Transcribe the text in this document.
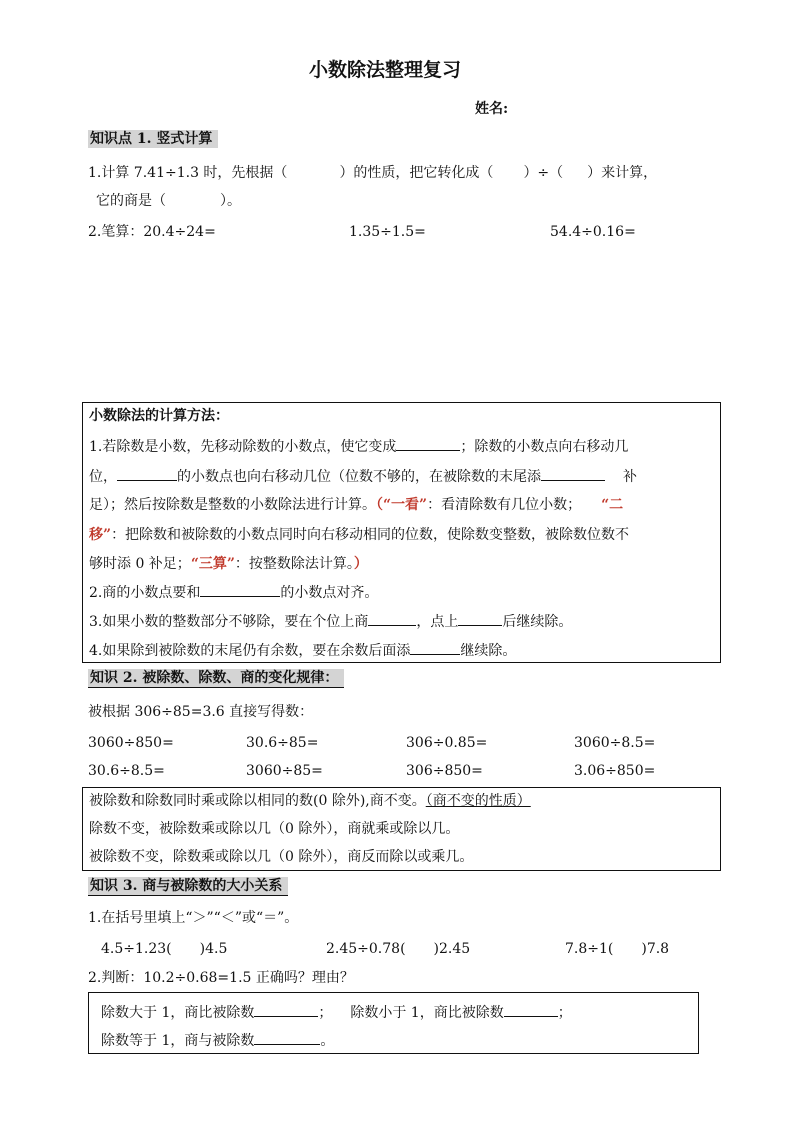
小数除法整理复习
姓名:
知识点 1. 竖式计算
1.计算 7.41÷1.3 时，先根据（	）的性质，把它转化成（ ）÷（ ）来计算，
它的商是（	）。
2.笔算：20.4÷24=	1.35÷1.5=	54.4÷0.16=
小数除法的计算方法：
1.若除数是小数，先移动除数的小数点，使它变成	；除数的小数点向右移动几
位，	的小数点也向右移动几位（位数不够的，在被除数的末尾添	补
足）；然后按除数是整数的小数除法进行计算。（“一看”：看清除数有几位小数； “二
移”：把除数和被除数的小数点同时向右移动相同的位数，使除数变整数，被除数位数不
够时添 0 补足；“三算”：按整数除法计算。）
2.商的小数点要和	的小数点对齐。
3.如果小数的整数部分不够除，要在个位上商	，点上	后继续除。
4.如果除到被除数的末尾仍有余数，要在余数后面添	继续除。
知识 2. 被除数、除数、商的变化规律：
被根据 306÷85=3.6 直接写得数：
3060÷850=	30.6÷85=	306÷0.85=	3060÷8.5=
30.6÷8.5=	3060÷85=	306÷850=	3.06÷850=
被除数和除数同时乘或除以相同的数(0 除外),商不变。（商不变的性质）
除数不变，被除数乘或除以几（0 除外），商就乘或除以几。
被除数不变，除数乘或除以几（0 除外），商反而除以或乘几。
知识 3. 商与被除数的大小关系
1.在括号里填上“＞”“＜”或“＝”。
4.5÷1.23(　　)4.5	2.45÷0.78(　　)2.45	7.8÷1(　　)7.8
2.判断：10.2÷0.68=1.5 正确吗？理由？
除数大于 1，商比被除数	； 除数小于 1，商比被除数	；
除数等于 1，商与被除数	。
